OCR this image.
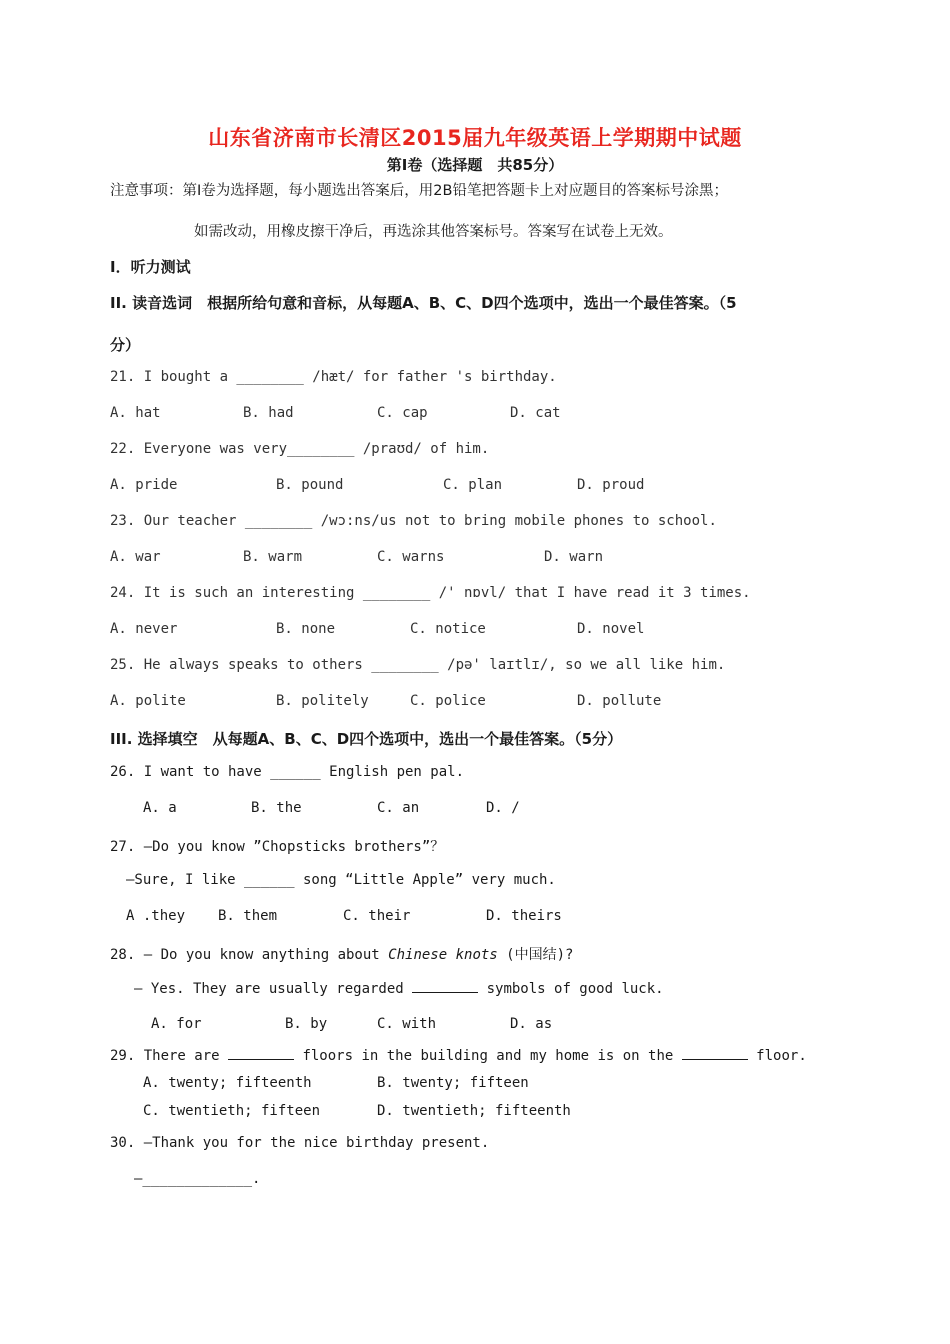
山东省济南市长清区2015届九年级英语上学期期中试题
第Ⅰ卷（选择题　共85分）
注意事项：第Ⅰ卷为选择题，每小题选出答案后，用2B铅笔把答题卡上对应题目的答案标号涂黑；
如需改动，用橡皮擦干净后，再选涂其他答案标号。答案写在试卷上无效。
I．听力测试
II. 读音选词　根据所给句意和音标，从每题A、B、C、D四个选项中，选出一个最佳答案。（5
分）
21. I bought a ________ /hæt/ for father 's birthday.
A. hat	B. had	C. cap	D. cat
22. Everyone was very________ /praʊd/ of him.
A. pride	B. pound	C. plan	D. proud
23. Our teacher ________ /wɔ:ns/us not to bring mobile phones to school.
A. war	B. warm	C. warns	D. warn
24. It is such an interesting ________ /' nɒvl/ that I have read it 3 times.
A. never	B. none	C. notice	D. novel
25. He always speaks to others ________ /pə' laɪtlɪ/, so we all like him.
A. polite	B. politely	C. police	D. pollute
III. 选择填空　从每题A、B、C、D四个选项中，选出一个最佳答案。（5分）
26. I want to have ______ English pen pal.
A. a	B. the	C. an	D. /
27. —Do you know ”Chopsticks brothers”？
—Sure, I like ______ song “Little Apple” very much.
A .they B. them	C. their	D. theirs
28. — Do you know anything about Chinese knots (中国结)?
— Yes. They are usually regarded	symbols of good luck.
A. for	B. by	C. with	D. as
29. There are	floors in the building and my home is on the	floor.
A. twenty; fifteenth	B. twenty; fifteen
C. twentieth; fifteen	D. twentieth; fifteenth
30. —Thank you for the nice birthday present.
—_____________.
